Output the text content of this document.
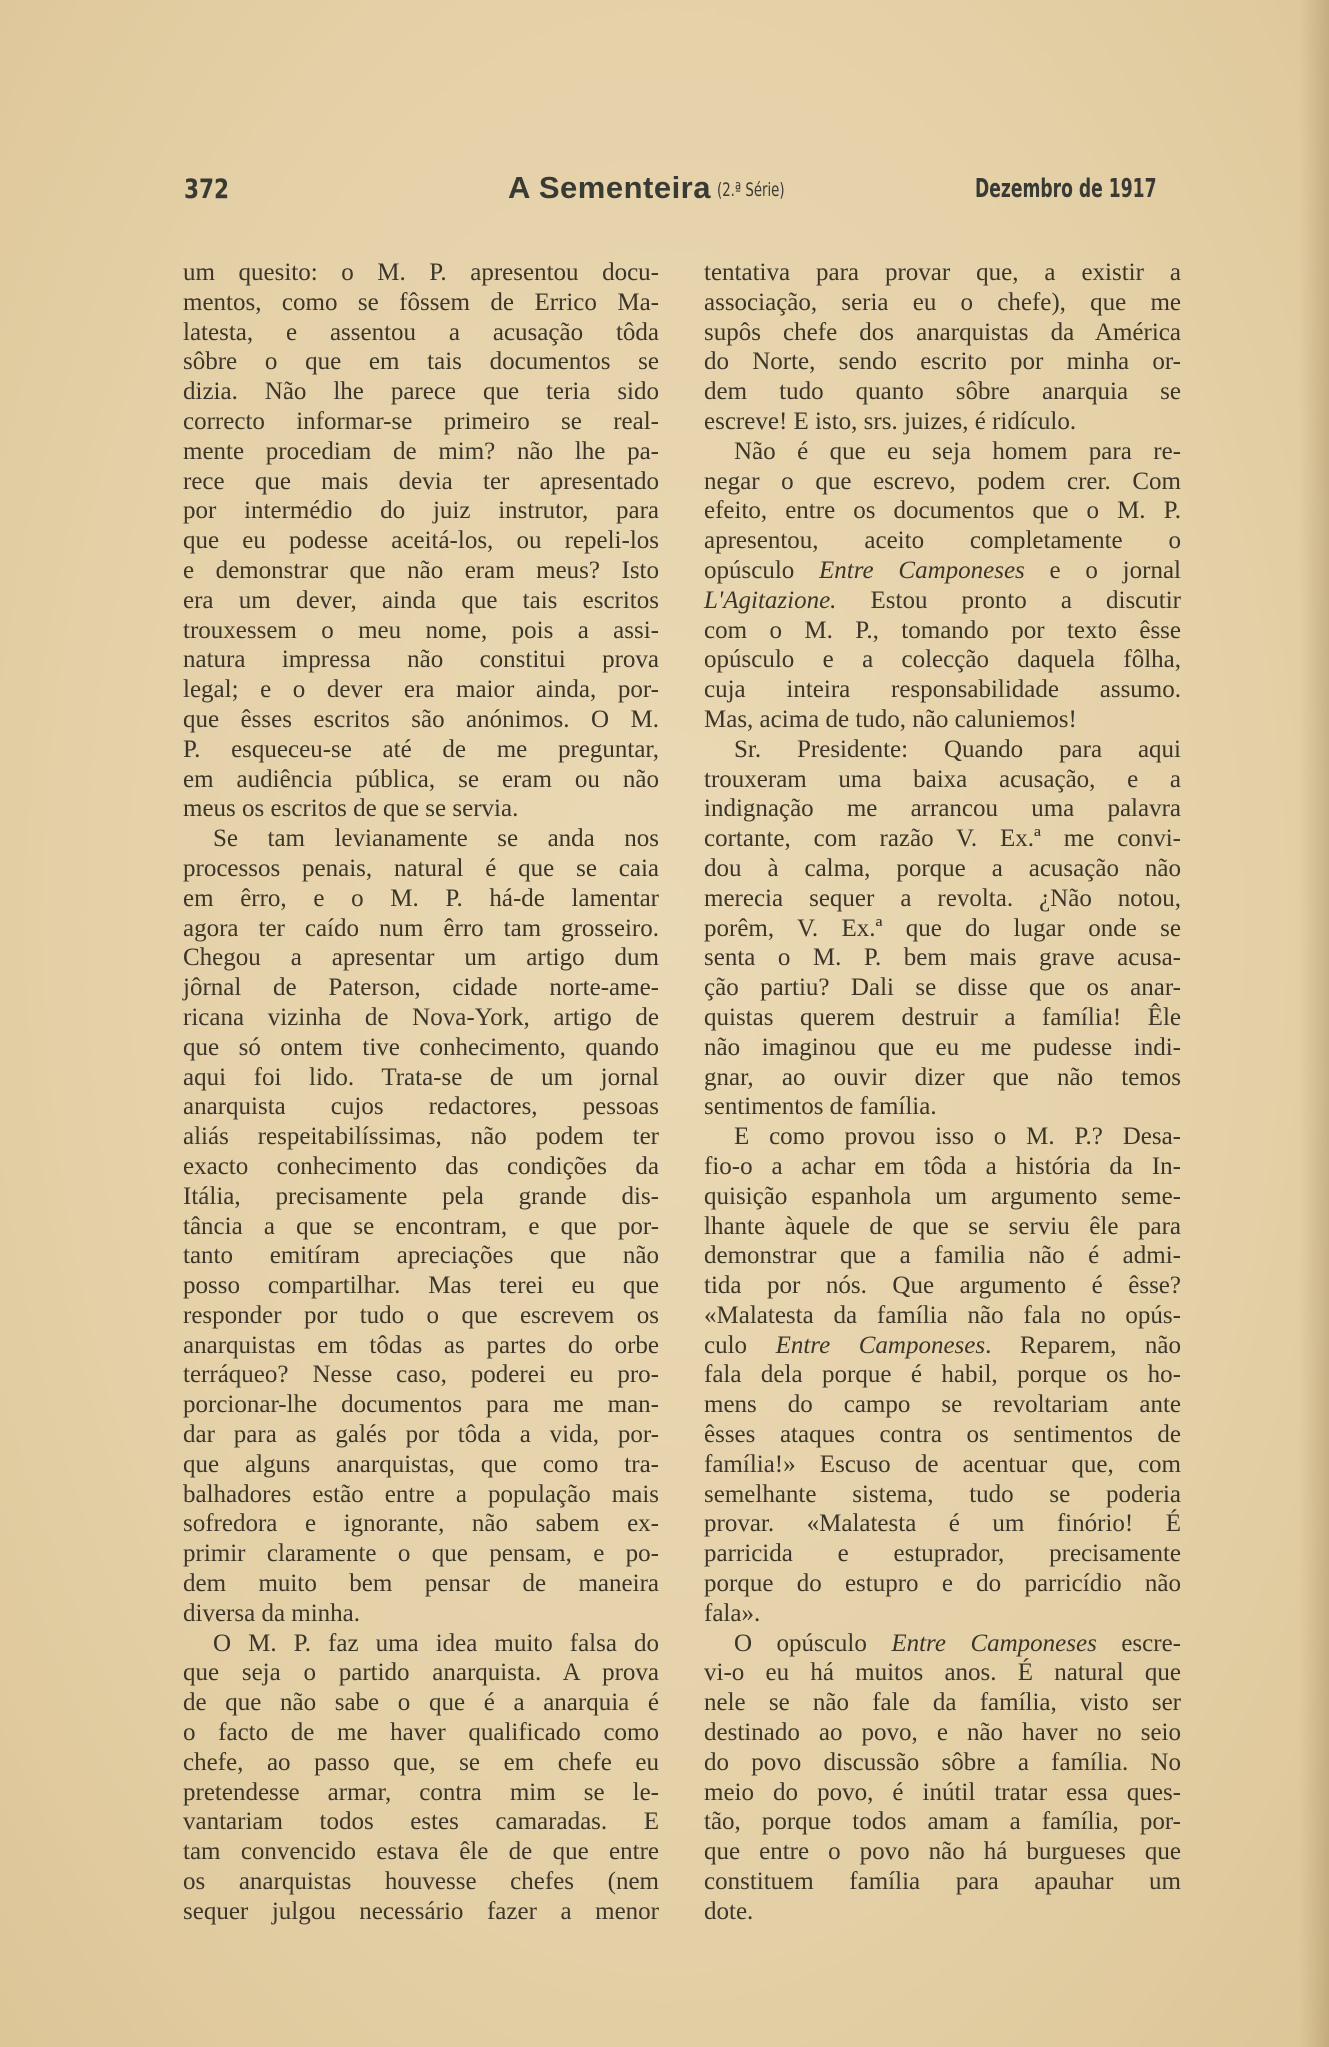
372	A Sementeira (2.ª Série)	Dezembro de 1917
um quesito: o M. P. apresentou docu-
mentos, como se fôssem de Errico Ma-
latesta, e assentou a acusação tôda
sôbre o que em tais documentos se
dizia. Não lhe parece que teria sido
correcto informar-se primeiro se real-
mente procediam de mim? não lhe pa-
rece que mais devia ter apresentado
por intermédio do juiz instrutor, para
que eu podesse aceitá-los, ou repeli-los
e demonstrar que não eram meus? Isto
era um dever, ainda que tais escritos
trouxessem o meu nome, pois a assi-
natura impressa não constitui prova
legal; e o dever era maior ainda, por-
que êsses escritos são anónimos. O M.
P. esqueceu-se até de me preguntar,
em audiência pública, se eram ou não
meus os escritos de que se servia.
Se tam levianamente se anda nos
processos penais, natural é que se caia
em êrro, e o M. P. há-de lamentar
agora ter caído num êrro tam grosseiro.
Chegou a apresentar um artigo dum
jôrnal de Paterson, cidade norte-ame-
ricana vizinha de Nova-York, artigo de
que só ontem tive conhecimento, quando
aqui foi lido. Trata-se de um jornal
anarquista cujos redactores, pessoas
aliás respeitabilíssimas, não podem ter
exacto conhecimento das condições da
Itália, precisamente pela grande dis-
tância a que se encontram, e que por-
tanto emitíram apreciações que não
posso compartilhar. Mas terei eu que
responder por tudo o que escrevem os
anarquistas em tôdas as partes do orbe
terráqueo? Nesse caso, poderei eu pro-
porcionar-lhe documentos para me man-
dar para as galés por tôda a vida, por-
que alguns anarquistas, que como tra-
balhadores estão entre a população mais
sofredora e ignorante, não sabem ex-
primir claramente o que pensam, e po-
dem muito bem pensar de maneira
diversa da minha.
O M. P. faz uma idea muito falsa do
que seja o partido anarquista. A prova
de que não sabe o que é a anarquia é
o facto de me haver qualificado como
chefe, ao passo que, se em chefe eu
pretendesse armar, contra mim se le-
vantariam todos estes camaradas. E
tam convencido estava êle de que entre
os anarquistas houvesse chefes (nem
sequer julgou necessário fazer a menor
tentativa para provar que, a existir a
associação, seria eu o chefe), que me
supôs chefe dos anarquistas da América
do Norte, sendo escrito por minha or-
dem tudo quanto sôbre anarquia se
escreve! E isto, srs. juizes, é ridículo.
Não é que eu seja homem para re-
negar o que escrevo, podem crer. Com
efeito, entre os documentos que o M. P.
apresentou, aceito completamente o
opúsculo Entre Camponeses e o jornal
L'Agitazione. Estou pronto a discutir
com o M. P., tomando por texto êsse
opúsculo e a colecção daquela fôlha,
cuja inteira responsabilidade assumo.
Mas, acima de tudo, não caluniemos!
Sr. Presidente: Quando para aqui
trouxeram uma baixa acusação, e a
indignação me arrancou uma palavra
cortante, com razão V. Ex.ª me convi-
dou à calma, porque a acusação não
merecia sequer a revolta. ¿Não notou,
porêm, V. Ex.ª que do lugar onde se
senta o M. P. bem mais grave acusa-
ção partiu? Dali se disse que os anar-
quistas querem destruir a família! Êle
não imaginou que eu me pudesse indi-
gnar, ao ouvir dizer que não temos
sentimentos de família.
E como provou isso o M. P.? Desa-
fio-o a achar em tôda a história da In-
quisição espanhola um argumento seme-
lhante àquele de que se serviu êle para
demonstrar que a familia não é admi-
tida por nós. Que argumento é êsse?
«Malatesta da família não fala no opús-
culo Entre Camponeses. Reparem, não
fala dela porque é habil, porque os ho-
mens do campo se revoltariam ante
êsses ataques contra os sentimentos de
família!» Escuso de acentuar que, com
semelhante sistema, tudo se poderia
provar. «Malatesta é um finório! É
parricida e estuprador, precisamente
porque do estupro e do parricídio não
fala».
O opúsculo Entre Camponeses escre-
vi-o eu há muitos anos. É natural que
nele se não fale da família, visto ser
destinado ao povo, e não haver no seio
do povo discussão sôbre a família. No
meio do povo, é inútil tratar essa ques-
tão, porque todos amam a família, por-
que entre o povo não há burgueses que
constituem família para apauhar um
dote.
